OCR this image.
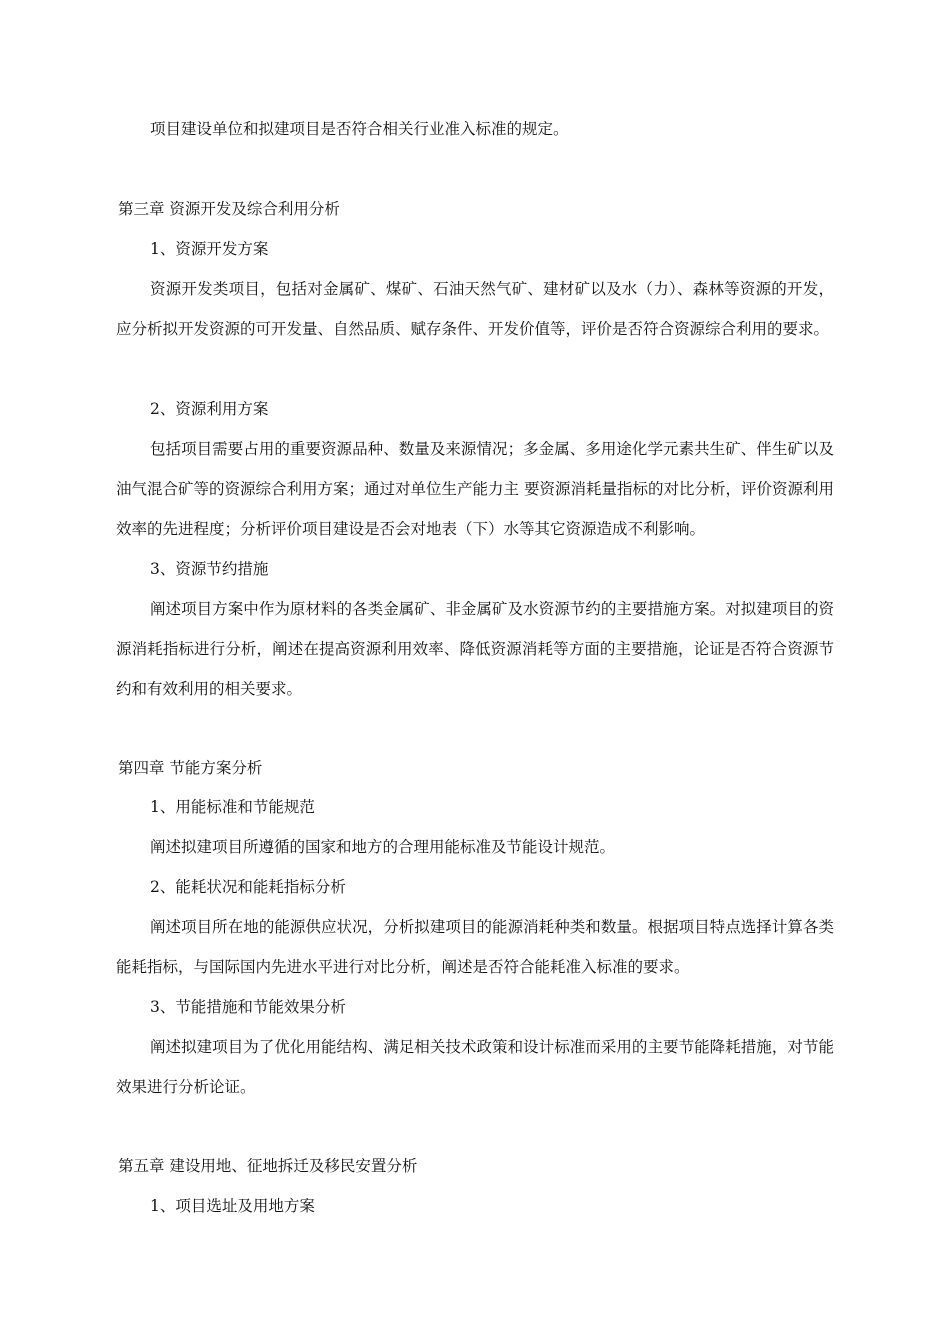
项目建设单位和拟建项目是否符合相关行业准入标准的规定。
第三章 资源开发及综合利用分析
1、资源开发方案
资源开发类项目，包括对金属矿、煤矿、石油天然气矿、建材矿以及水（力）、森林等资源的开发，应分析拟开发资源的可开发量、自然品质、赋存条件、开发价值等，评价是否符合资源综合利用的要求。
2、资源利用方案
包括项目需要占用的重要资源品种、数量及来源情况；多金属、多用途化学元素共生矿、伴生矿以及油气混合矿等的资源综合利用方案；通过对单位生产能力主 要资源消耗量指标的对比分析，评价资源利用效率的先进程度；分析评价项目建设是否会对地表（下）水等其它资源造成不利影响。
3、资源节约措施
阐述项目方案中作为原材料的各类金属矿、非金属矿及水资源节约的主要措施方案。对拟建项目的资源消耗指标进行分析，阐述在提高资源利用效率、降低资源消耗等方面的主要措施，论证是否符合资源节约和有效利用的相关要求。
第四章 节能方案分析
1、用能标准和节能规范
阐述拟建项目所遵循的国家和地方的合理用能标准及节能设计规范。
2、能耗状况和能耗指标分析
阐述项目所在地的能源供应状况，分析拟建项目的能源消耗种类和数量。根据项目特点选择计算各类能耗指标，与国际国内先进水平进行对比分析，阐述是否符合能耗准入标准的要求。
3、节能措施和节能效果分析
阐述拟建项目为了优化用能结构、满足相关技术政策和设计标准而采用的主要节能降耗措施，对节能效果进行分析论证。
第五章 建设用地、征地拆迁及移民安置分析
1、项目选址及用地方案
